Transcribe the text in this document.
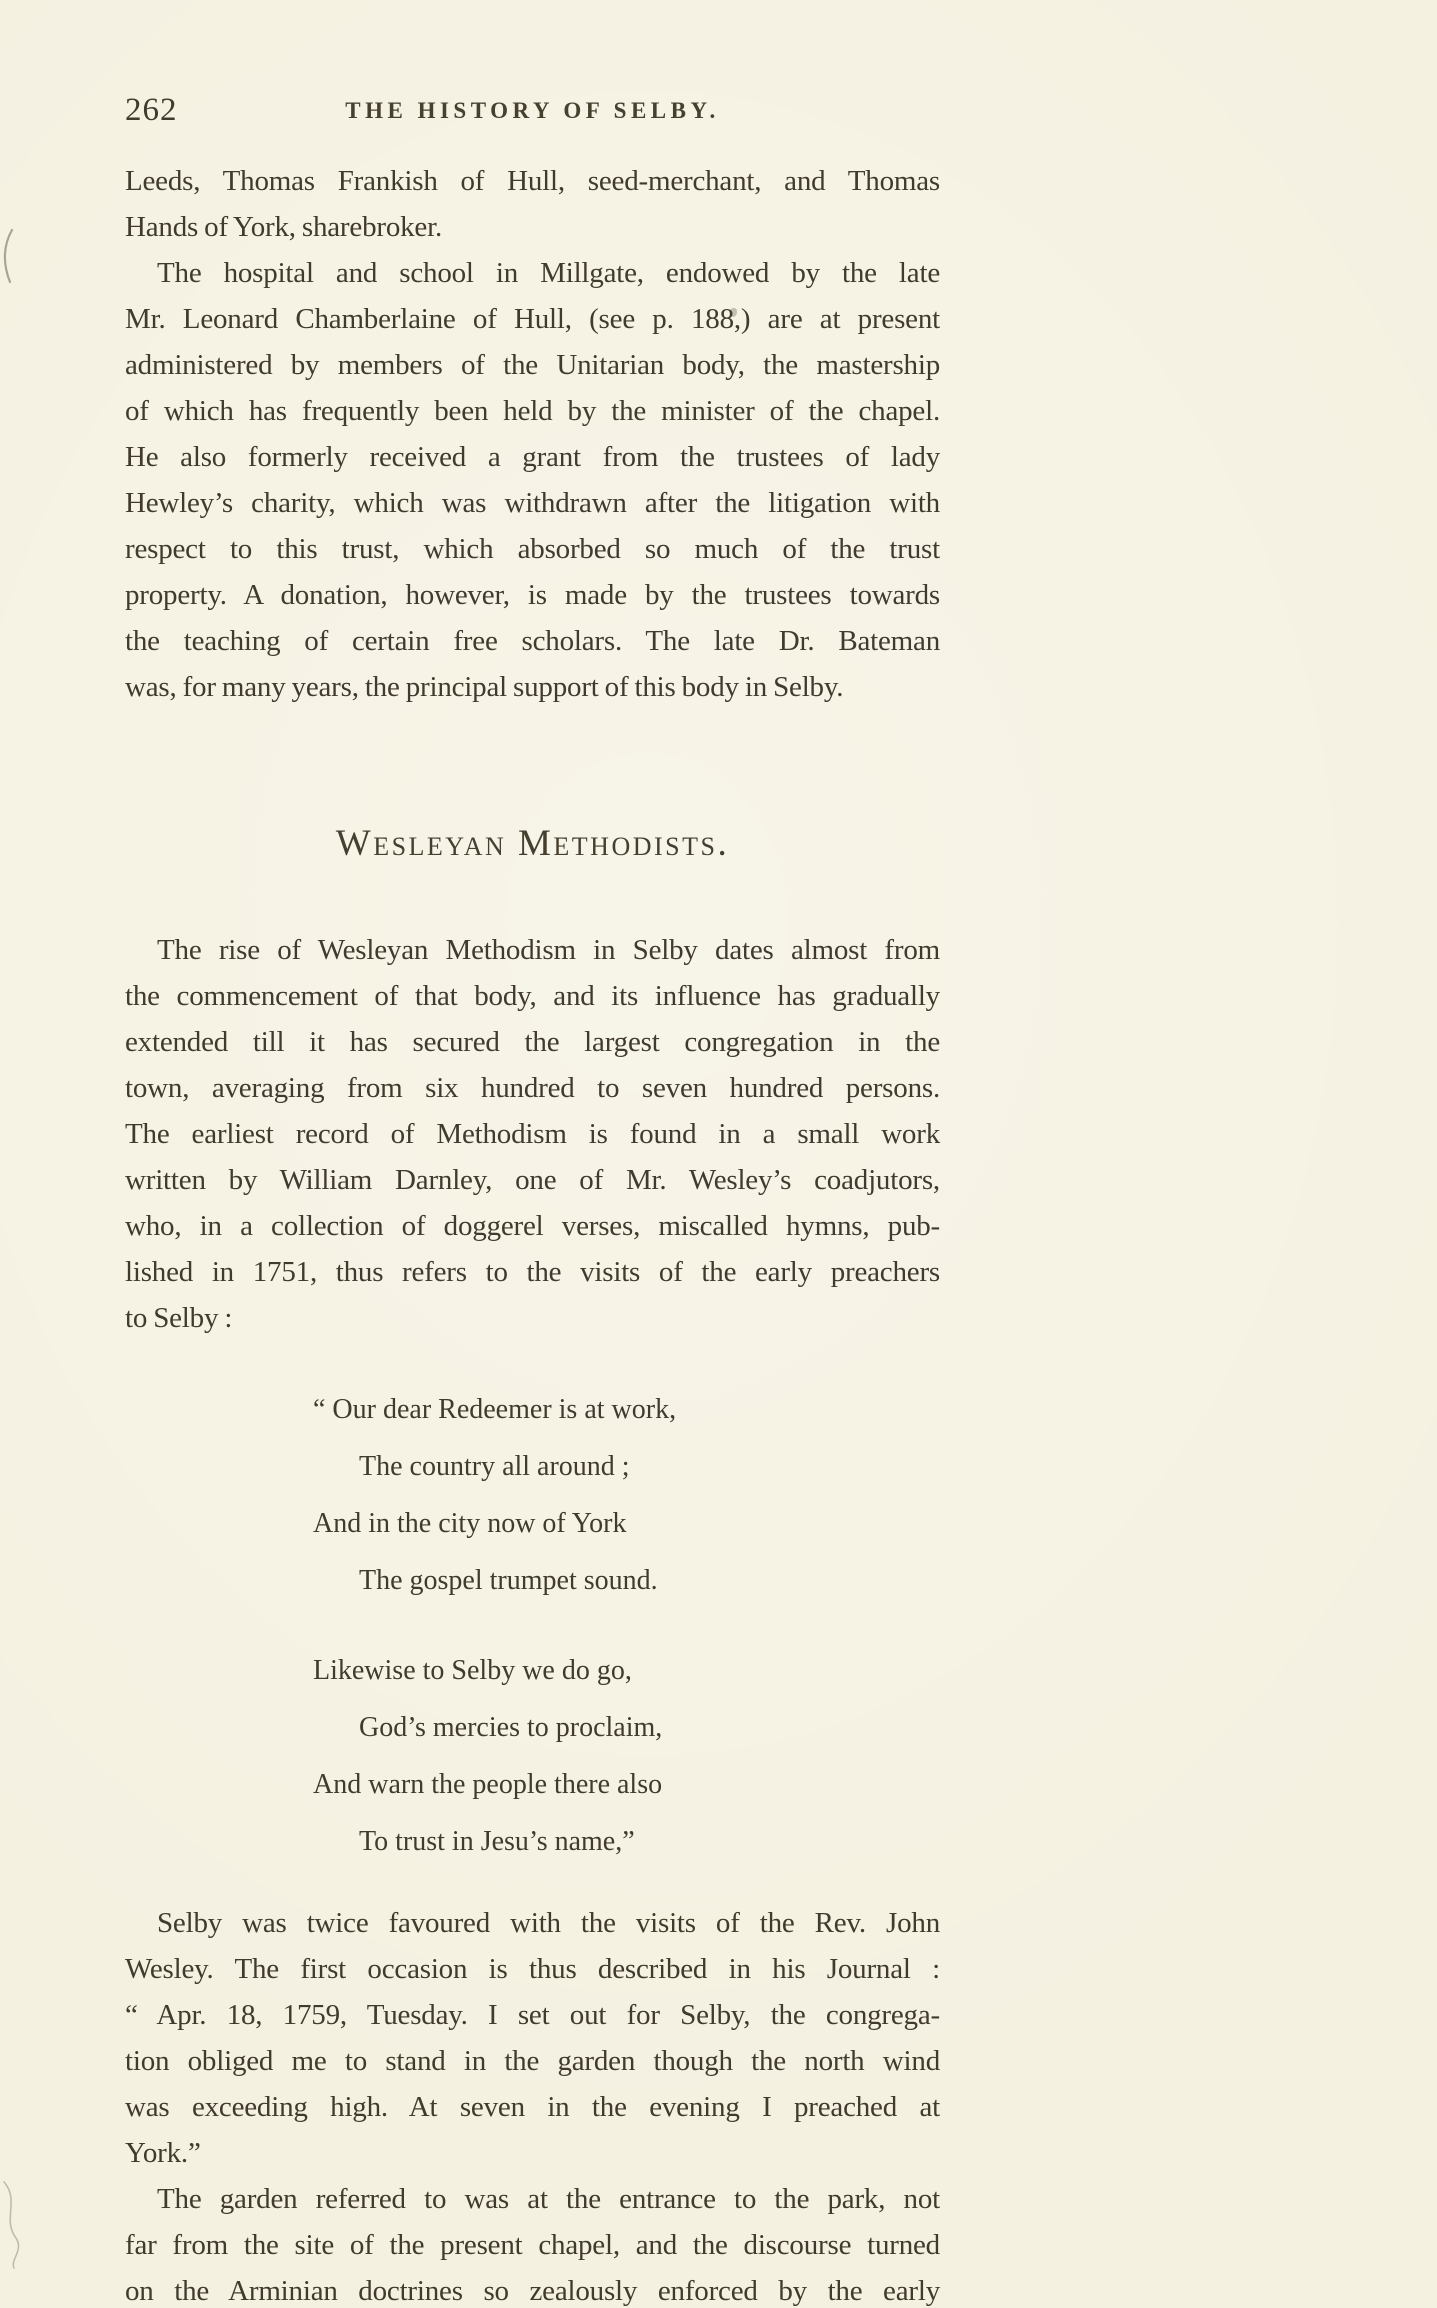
262	THE HISTORY OF SELBY.
Leeds, Thomas Frankish of Hull, seed-merchant, and Thomas
Hands of York, sharebroker.
The hospital and school in Millgate, endowed by the late
Mr. Leonard Chamberlaine of Hull, (see p. 188,) are at present
administered by members of the Unitarian body, the mastership
of which has frequently been held by the minister of the chapel.
He also formerly received a grant from the trustees of lady
Hewley’s charity, which was withdrawn after the litigation with
respect to this trust, which absorbed so much of the trust
property. A donation, however, is made by the trustees towards
the teaching of certain free scholars. The late Dr. Bateman
was, for many years, the principal support of this body in Selby.
Wesleyan Methodists.
The rise of Wesleyan Methodism in Selby dates almost from
the commencement of that body, and its influence has gradually
extended till it has secured the largest congregation in the
town, averaging from six hundred to seven hundred persons.
The earliest record of Methodism is found in a small work
written by William Darnley, one of Mr. Wesley’s coadjutors,
who, in a collection of doggerel verses, miscalled hymns, pub-
lished in 1751, thus refers to the visits of the early preachers
to Selby :
“ Our dear Redeemer is at work,
The country all around ;
And in the city now of York
The gospel trumpet sound.
Likewise to Selby we do go,
God’s mercies to proclaim,
And warn the people there also
To trust in Jesu’s name,”
Selby was twice favoured with the visits of the Rev. John
Wesley. The first occasion is thus described in his Journal :
“ Apr. 18, 1759, Tuesday. I set out for Selby, the congrega-
tion obliged me to stand in the garden though the north wind
was exceeding high. At seven in the evening I preached at
York.”
The garden referred to was at the entrance to the park, not
far from the site of the present chapel, and the discourse turned
on the Arminian doctrines so zealously enforced by the early
